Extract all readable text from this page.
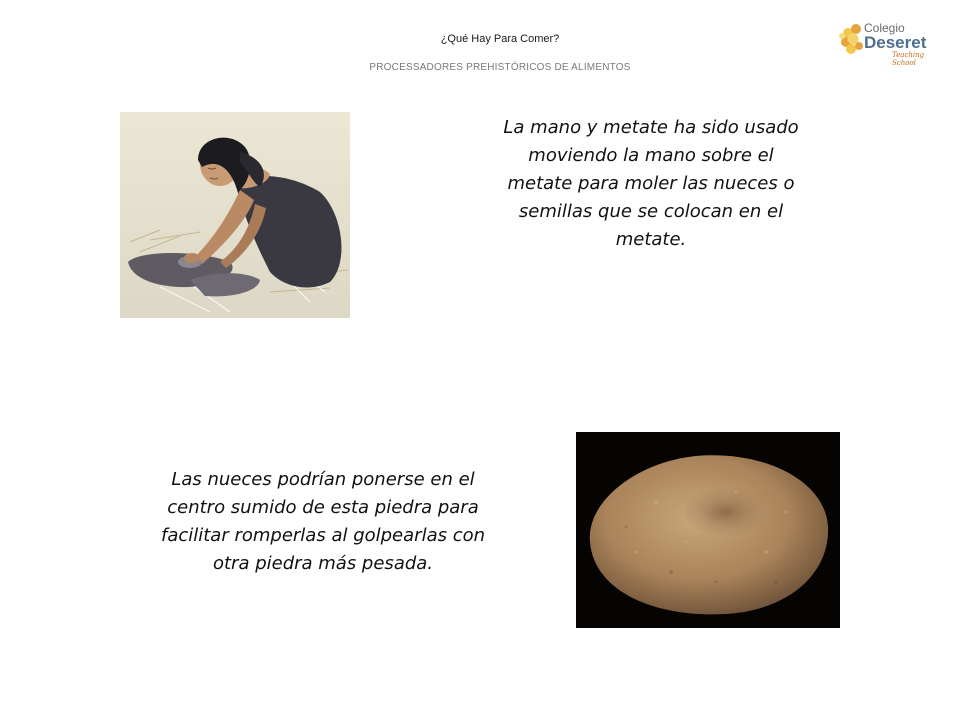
¿Qué Hay Para Comer?
PROCESSADORES PREHISTÓRICOS DE ALIMENTOS
Colegio
Deseret
Teaching School
La mano y metate ha sido usado moviendo la mano sobre el metate para moler las nueces o semillas que se colocan en el metate.
Las nueces podrían ponerse en el centro sumido de esta piedra para facilitar romperlas al golpearlas con otra piedra más pesada.
